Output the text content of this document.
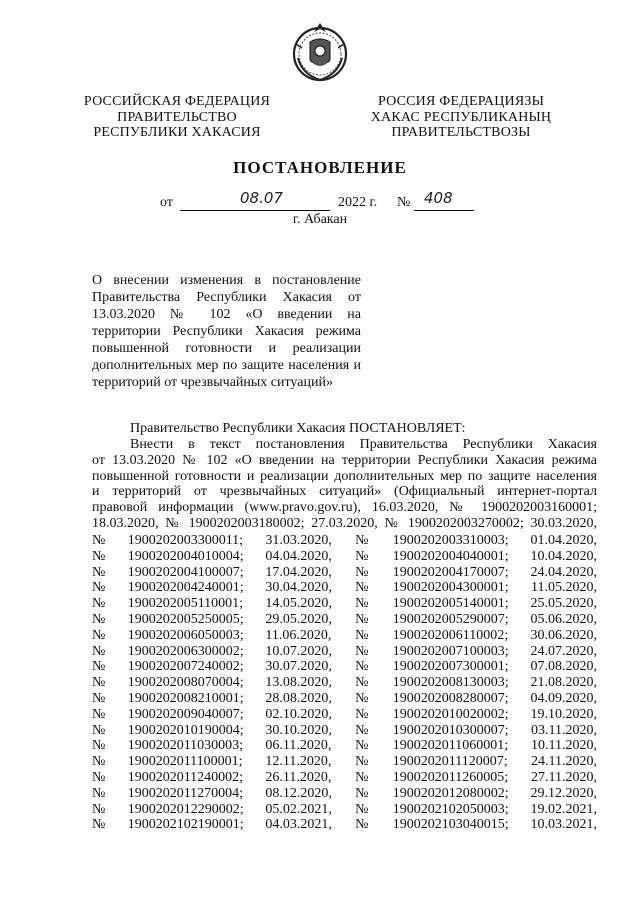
РОССИЙСКАЯ ФЕДЕРАЦИЯ
ПРАВИТЕЛЬСТВО
РЕСПУБЛИКИ ХАКАСИЯ
РОССИЯ ФЕДЕРАЦИЯЗЫ
ХАКАС РЕСПУБЛИКАНЫҢ
ПРАВИТЕЛЬСТВОЗЫ
ПОСТАНОВЛЕНИЕ
от	08.07	2022 г. № 408
г. Абакан
О внесении изменения в постановление Правительства Республики Хакасия от 13.03.2020 № 102 «О введении на территории Республики Хакасия режима повышенной готовности и реализации дополнительных мер по защите населения и территорий от чрезвычайных ситуаций»
Правительство Республики Хакасия ПОСТАНОВЛЯЕТ:
Внести в текст постановления Правительства Республики Хакасия
от 13.03.2020 № 102 «О введении на территории Республики Хакасия режима
повышенной готовности и реализации дополнительных мер по защите населения
и территорий от чрезвычайных ситуаций» (Официальный интернет-портал
правовой информации (www.pravo.gov.ru), 16.03.2020, № 1900202003160001;
18.03.2020, № 1900202003180002; 27.03.2020, № 1900202003270002; 30.03.2020,
№	1900202003300011;	31.03.2020,	№	1900202003310003;	01.04.2020,
№	1900202004010004;	04.04.2020,	№	1900202004040001;	10.04.2020,
№	1900202004100007;	17.04.2020,	№	1900202004170007;	24.04.2020,
№	1900202004240001;	30.04.2020,	№	1900202004300001;	11.05.2020,
№	1900202005110001;	14.05.2020,	№	1900202005140001;	25.05.2020,
№	1900202005250005;	29.05.2020,	№	1900202005290007;	05.06.2020,
№	1900202006050003;	11.06.2020,	№	1900202006110002;	30.06.2020,
№	1900202006300002;	10.07.2020,	№	1900202007100003;	24.07.2020,
№	1900202007240002;	30.07.2020,	№	1900202007300001;	07.08.2020,
№	1900202008070004;	13.08.2020,	№	1900202008130003;	21.08.2020,
№	1900202008210001;	28.08.2020,	№	1900202008280007;	04.09.2020,
№	1900202009040007;	02.10.2020,	№	1900202010020002;	19.10.2020,
№	1900202010190004;	30.10.2020,	№	1900202010300007;	03.11.2020,
№	1900202011030003;	06.11.2020,	№	1900202011060001;	10.11.2020,
№	1900202011100001;	12.11.2020,	№	1900202011120007;	24.11.2020,
№	1900202011240002;	26.11.2020,	№	1900202011260005;	27.11.2020,
№	1900202011270004;	08.12.2020,	№	1900202012080002;	29.12.2020,
№	1900202012290002;	05.02.2021,	№	1900202102050003;	19.02.2021,
№	1900202102190001;	04.03.2021,	№	1900202103040015;	10.03.2021,
